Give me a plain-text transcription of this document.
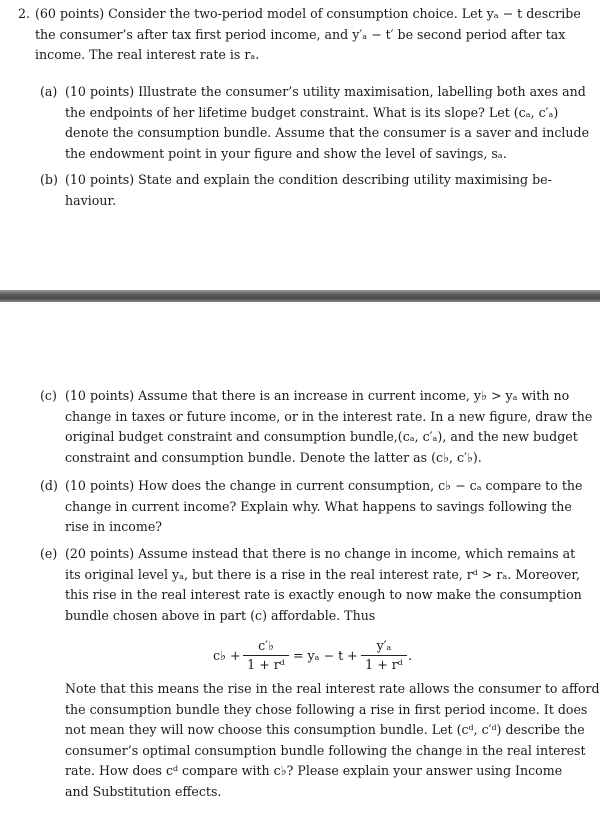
2. (60 points) Consider the two-period model of consumption choice. Let yₐ − t describe
the consumer’s after tax first period income, and y′ₐ − t′ be second period after tax
income. The real interest rate is rₐ.
(a) (10 points) Illustrate the consumer’s utility maximisation, labelling both axes and
the endpoints of her lifetime budget constraint. What is its slope? Let (cₐ, c′ₐ)
denote the consumption bundle. Assume that the consumer is a saver and include
the endowment point in your figure and show the level of savings, sₐ.
(b) (10 points) State and explain the condition describing utility maximising be-
haviour.
(c) (10 points) Assume that there is an increase in current income, y♭ > yₐ with no
change in taxes or future income, or in the interest rate. In a new figure, draw the
original budget constraint and consumption bundle,(cₐ, c′ₐ), and the new budget
constraint and consumption bundle. Denote the latter as (c♭, c′♭).
(d) (10 points) How does the change in current consumption, c♭ − cₐ compare to the
change in current income? Explain why. What happens to savings following the
rise in income?
(e) (20 points) Assume instead that there is no change in income, which remains at
its original level yₐ, but there is a rise in the real interest rate, rᵈ > rₐ. Moreover,
this rise in the real interest rate is exactly enough to now make the consumption
bundle chosen above in part (c) affordable. Thus
c♭ +
c′♭
1 + rᵈ
= yₐ − t +
y′ₐ
1 + rᵈ
.
Note that this means the rise in the real interest rate allows the consumer to afford
the consumption bundle they chose following a rise in first period income. It does
not mean they will now choose this consumption bundle. Let (cᵈ, c′ᵈ) describe the
consumer’s optimal consumption bundle following the change in the real interest
rate. How does cᵈ compare with c♭? Please explain your answer using Income
and Substitution effects.
